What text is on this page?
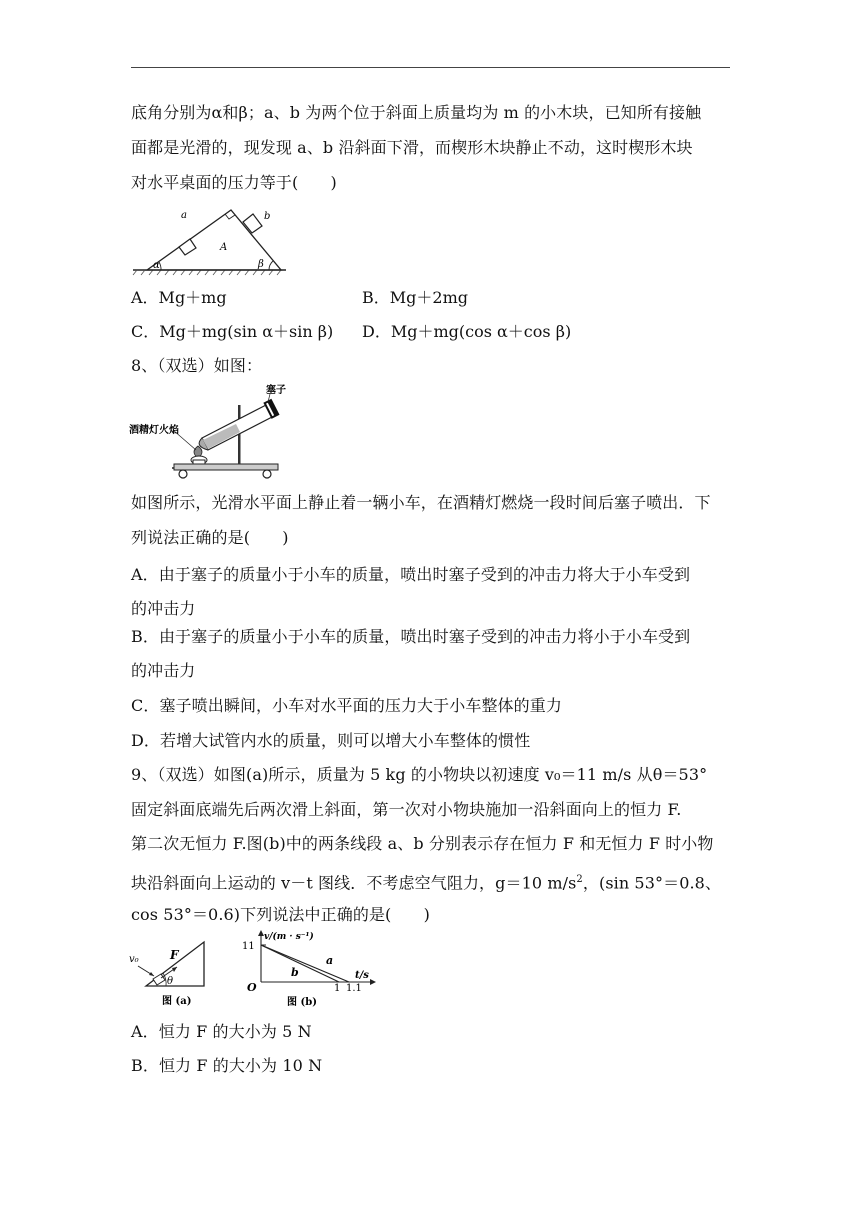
底角分别为α和β；a、b 为两个位于斜面上质量均为 m 的小木块，已知所有接触
面都是光滑的，现发现 a、b 沿斜面下滑，而楔形木块静止不动，这时楔形木块
对水平桌面的压力等于(　　)
a	b
A
α	β
A．Mg＋mg	B．Mg＋2mg
C．Mg＋mg(sin α＋sin β) D．Mg＋mg(cos α＋cos β)
8、（双选）如图：
塞子
酒精灯火焰
如图所示，光滑水平面上静止着一辆小车，在酒精灯燃烧一段时间后塞子喷出．下
列说法正确的是(　　)
A．由于塞子的质量小于小车的质量，喷出时塞子受到的冲击力将大于小车受到
的冲击力
B．由于塞子的质量小于小车的质量，喷出时塞子受到的冲击力将小于小车受到
的冲击力
C．塞子喷出瞬间，小车对水平面的压力大于小车整体的重力
D．若增大试管内水的质量，则可以增大小车整体的惯性
9、（双选）如图(a)所示，质量为 5 kg 的小物块以初速度 v₀＝11 m/s 从θ＝53°
固定斜面底端先后两次滑上斜面，第一次对小物块施加一沿斜面向上的恒力 F.
第二次无恒力 F.图(b)中的两条线段 a、b 分别表示存在恒力 F 和无恒力 F 时小物
块沿斜面向上运动的 v－t 图线．不考虑空气阻力，g＝10 $m/s^2$，(sin 53°＝0.8、
cos 53°＝0.6)下列说法中正确的是(　　)
v₀	F
θ
图 (a)
11
v/(m · s⁻¹)
t/s
O	1 1.1
a
b
图 (b)
A．恒力 F 的大小为 5 N
B．恒力 F 的大小为 10 N
